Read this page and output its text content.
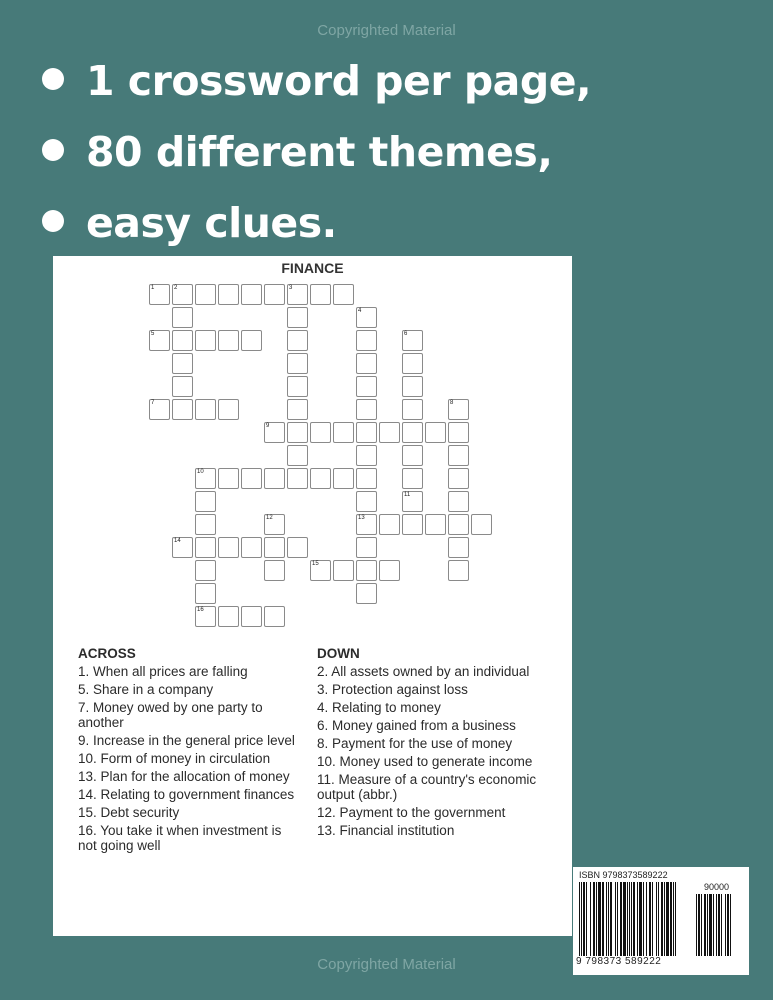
Copyrighted Material
1 crossword per page,
80 different themes,
easy clues.
FINANCE
1	2	3
5
7
9
10
13
14
15
16
4
6
11
8
12
ACROSS
1. When all prices are falling
5. Share in a company
7. Money owed by one party to another
9. Increase in the general price level
10. Form of money in circulation
13. Plan for the allocation of money
14. Relating to government finances
15. Debt security
16. You take it when investment is not going well
DOWN
2. All assets owned by an individual
3. Protection against loss
4. Relating to money
6. Money gained from a business
8. Payment for the use of money
10. Money used to generate income
11. Measure of a country's economic output (abbr.)
12. Payment to the government
13. Financial institution
ISBN 9798373589222
90000
9 798373 589222
Copyrighted Material
